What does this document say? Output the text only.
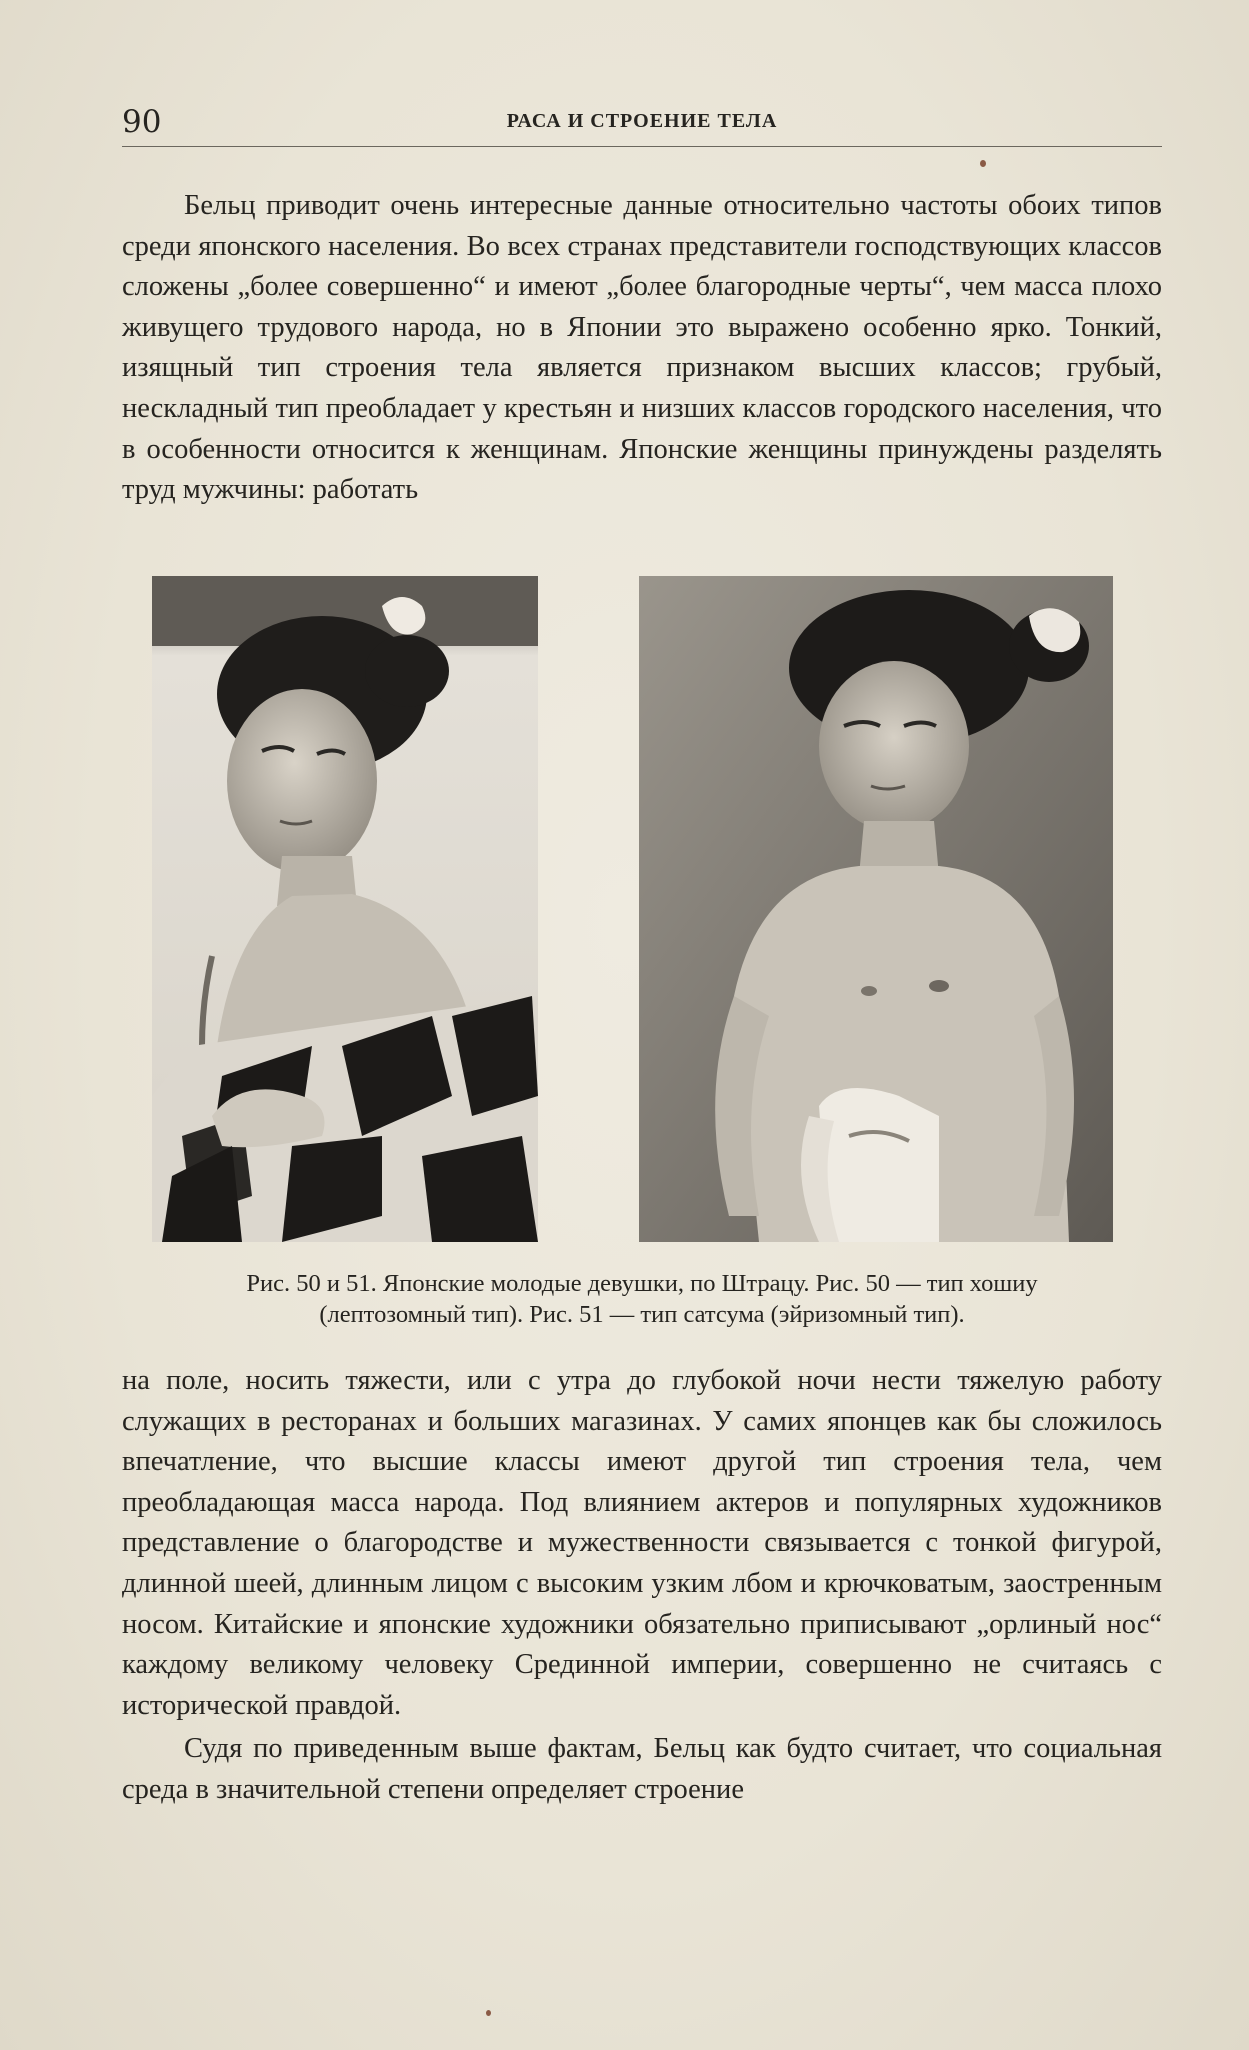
90	РАСА И СТРОЕНИЕ ТЕЛА

Бельц приводит очень интересные данные относительно частоты обоих типов среди японского населения. Во всех странах представители господствующих классов сложены „более совершенно“ и имеют „более благородные черты“, чем масса плохо живущего трудового народа, но в Японии это выражено особенно ярко. Тонкий, изящный тип строения тела является признаком высших классов; грубый, нескладный тип преобладает у крестьян и низших классов городского населения, что в особенности относится к женщинам. Японские женщины принуждены разделять труд мужчины: работать

Рис. 50 и 51. Японские молодые девушки, по Штрацу. Рис. 50 — тип хошиу
(лептозомный тип). Рис. 51 — тип сатсума (эйризомный тип).

на поле, носить тяжести, или с утра до глубокой ночи нести тяжелую работу служащих в ресторанах и больших магазинах. У самих японцев как бы сложилось впечатление, что высшие классы имеют другой тип строения тела, чем преобладающая масса народа. Под влиянием актеров и популярных художников представление о благородстве и мужественности связывается с тонкой фигурой, длинной шеей, длинным лицом с высоким узким лбом и крючковатым, заостренным носом. Китайские и японские художники обязательно приписывают „орлиный нос“ каждому великому человеку Срединной империи, совершенно не считаясь с исторической правдой.

Судя по приведенным выше фактам, Бельц как будто считает, что социальная среда в значительной степени определяет строение
